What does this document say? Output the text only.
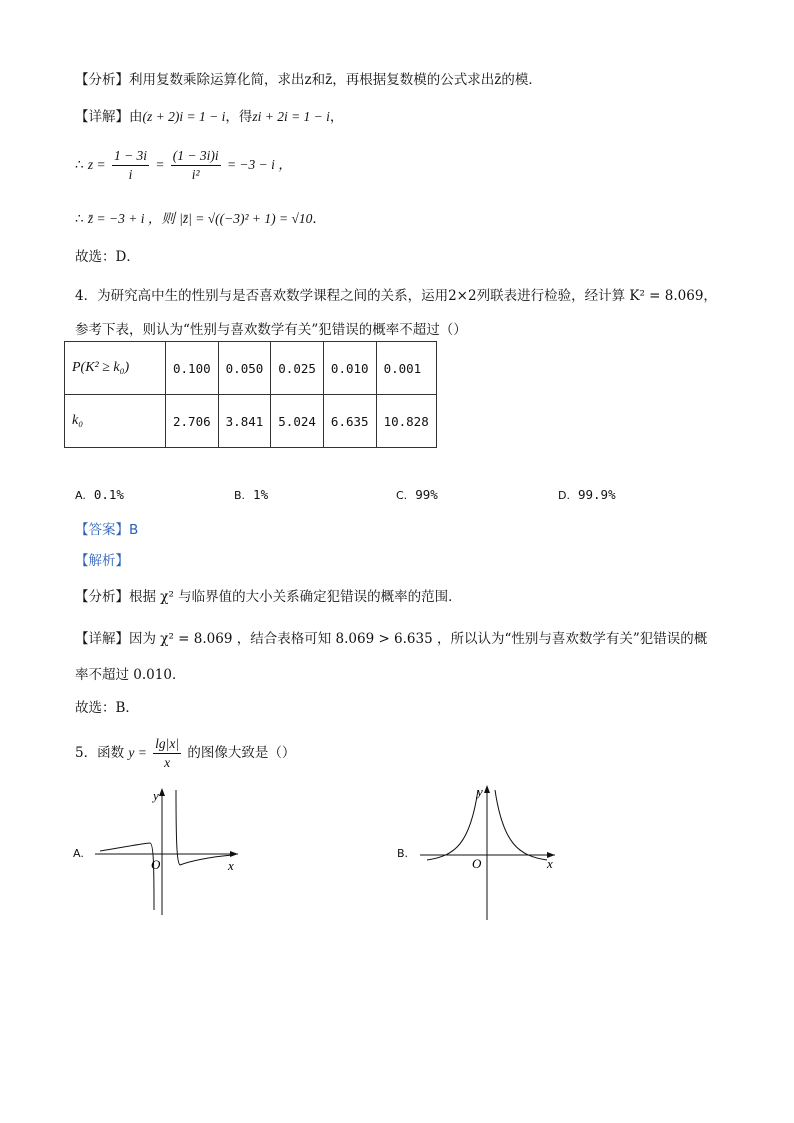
【分析】利用复数乘除运算化简，求出z和z̄，再根据复数模的公式求出z̄的模．
【详解】由(z + 2)i = 1 − i，得zi + 2i = 1 − i，
∴ $z = \frac{1 - 3i}{i} = \frac{(1 - 3i)i}{\text{i²}} = -3 - i$ ，
∴ z̄ = −3 + i ，则 |z̄| = √((−3)² + 1) = √10．
故选：D．
4．为研究高中生的性别与是否喜欢数学课程之间的关系，运用2×2列联表进行检验，经计算 K² = 8.069，
参考下表，则认为“性别与喜欢数学有关”犯错误的概率不超过（）
P(K² ≥ k₀)	0.100	0.050	0.025	0.010	0.001
k₀	2.706	3.841	5.024	6.635	10.828
A. 0.1%	B. 1%	C. 99%	D. 99.9%
【答案】B
【解析】
【分析】根据 χ² 与临界值的大小关系确定犯错误的概率的范围．
【详解】因为 χ² = 8.069 ，结合表格可知 8.069 > 6.635 ，所以认为“性别与喜欢数学有关”犯错误的概
率不超过 0.010．
故选：B．
5．函数 $y = \frac{\lg|x|}{x}$ 的图像大致是（）
A.	B.
x
y
O	x
y
O
